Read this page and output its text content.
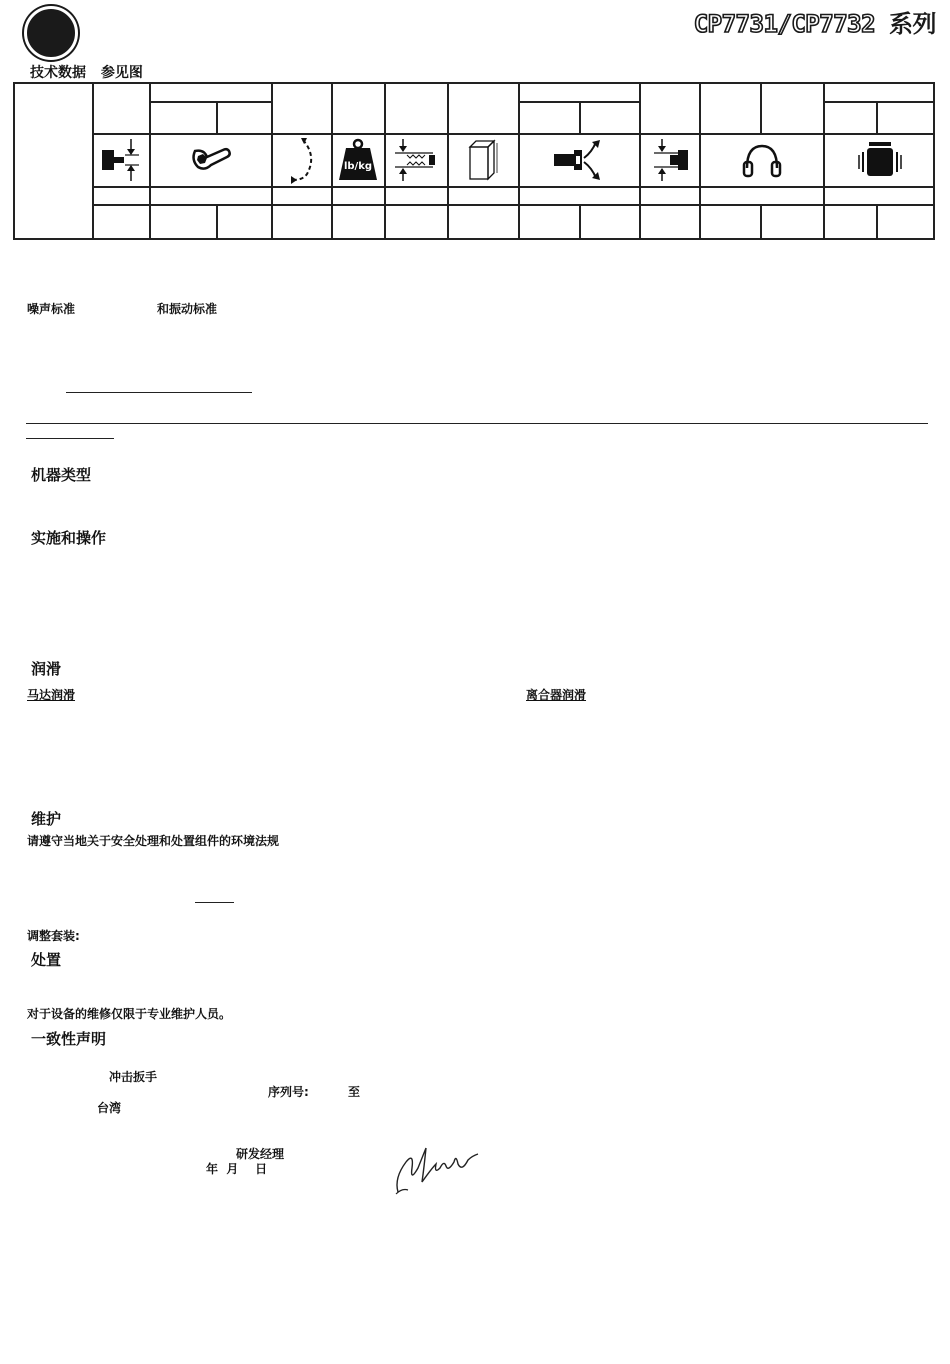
CP7731/CP7732 系列
技术数据 参见图
lb/kg
噪声标准	和振动标准
机器类型
实施和操作
润滑
马达润滑	离合器润滑
维护
请遵守当地关于安全处理和处置组件的环境法规
调整套装:
处置
对于设备的维修仅限于专业维护人员。
一致性声明
冲击扳手
序列号:	至
台湾
研发经理
年  月    日
